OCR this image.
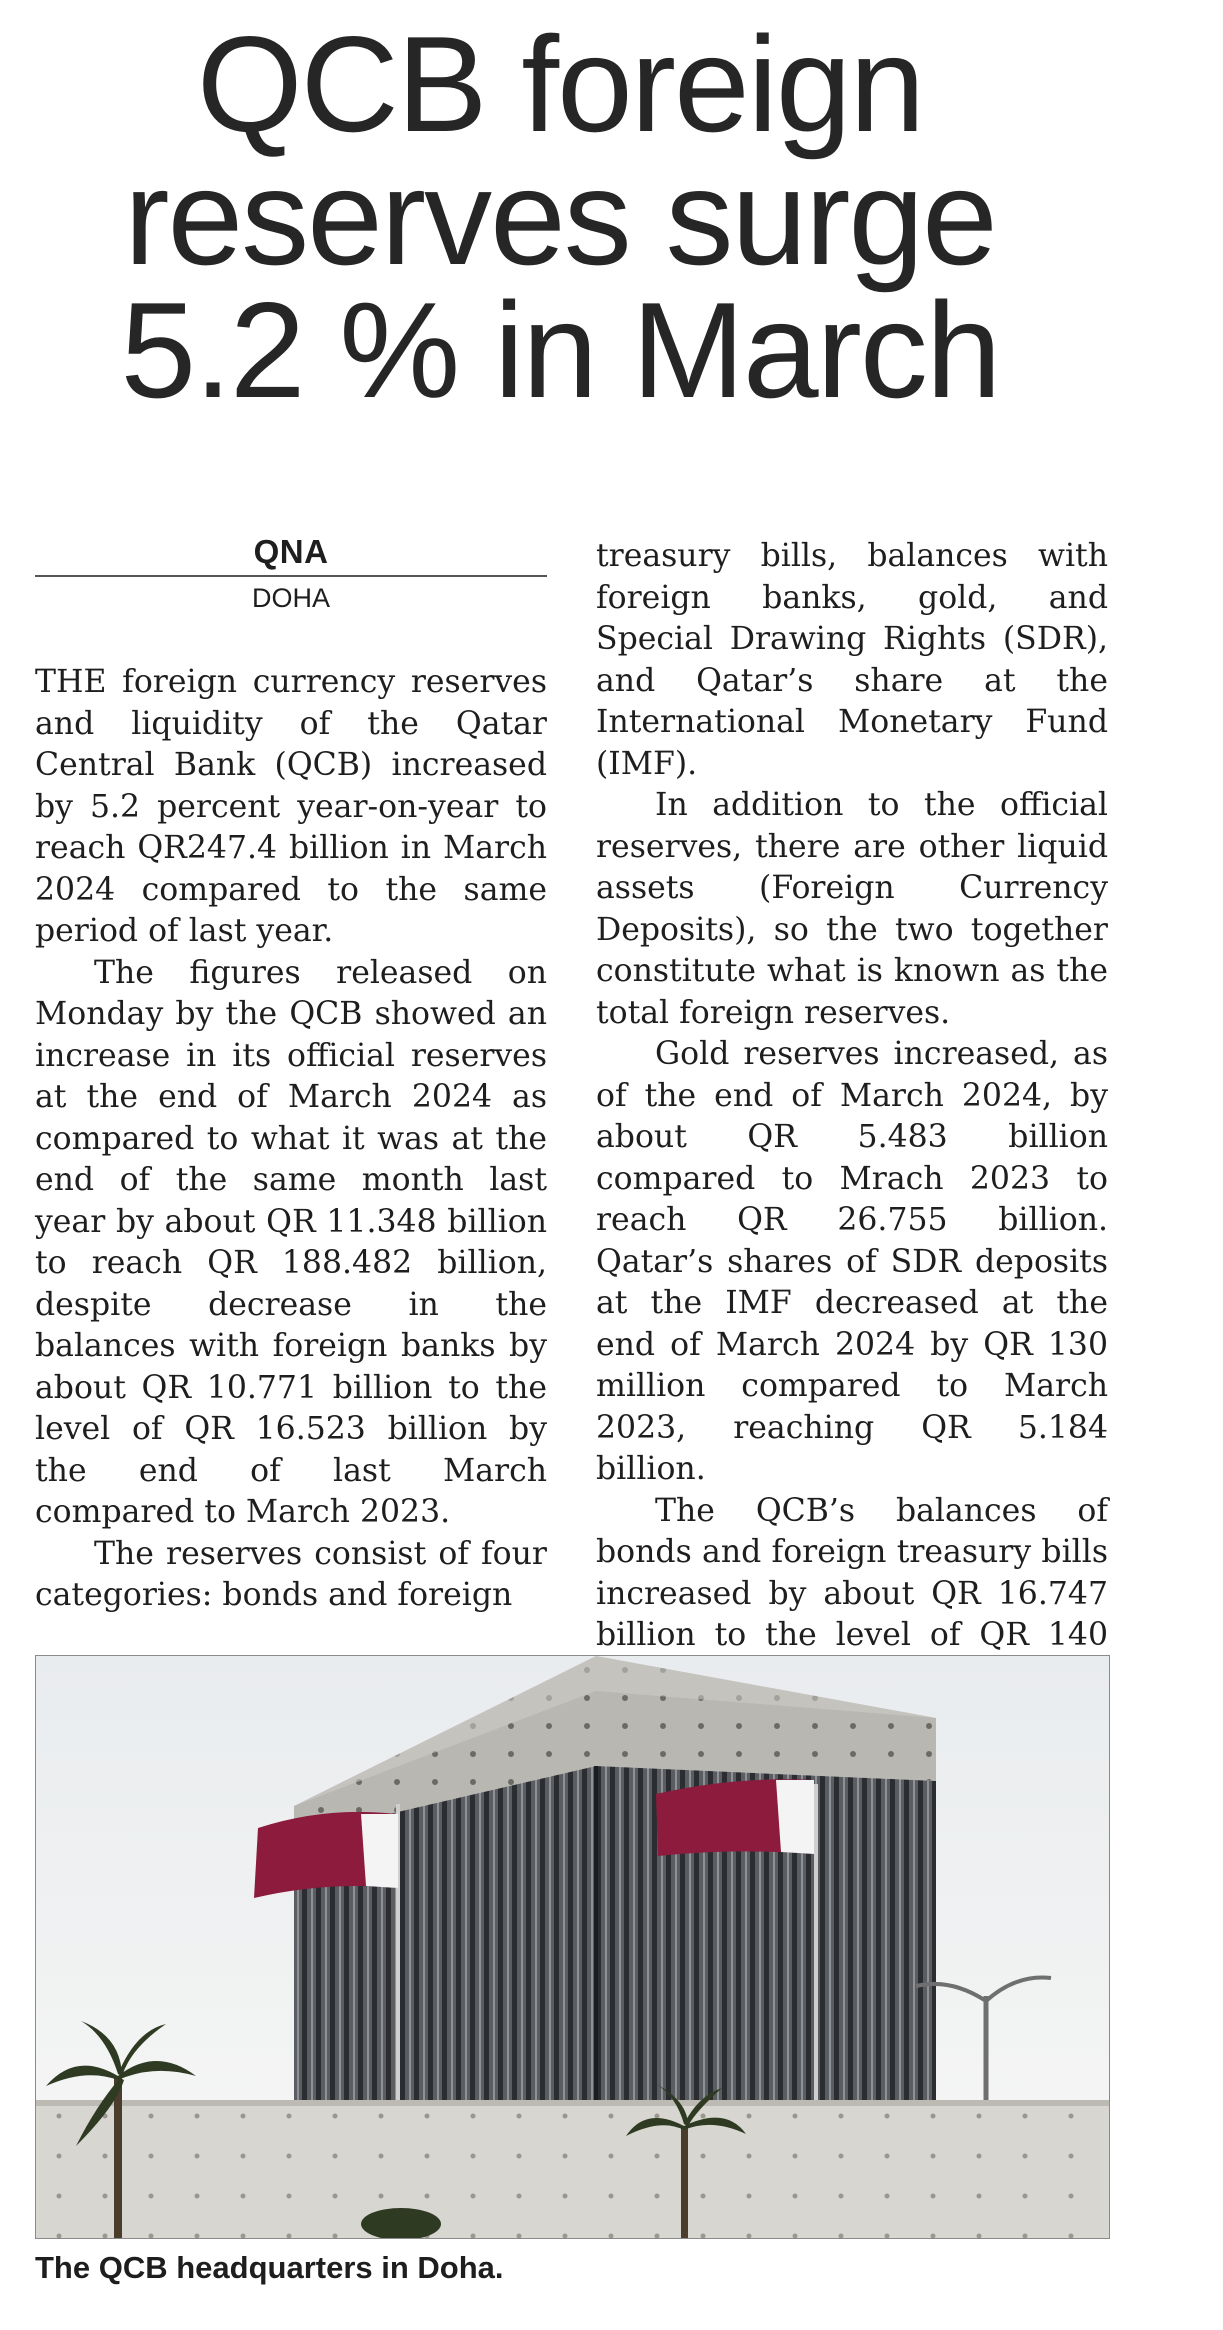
QCB foreign
reserves surge
5.2 % in March
QNA
DOHA

THE foreign currency reserves and liquidity of the Qatar Central Bank (QCB) increased by 5.2 percent year-on-year to reach QR247.4 billion in March 2024 compared to the same period of last year.

The figures released on Monday by the QCB showed an increase in its official reserves at the end of March 2024 as compared to what it was at the end of the same month last year by about QR 11.348 billion to reach QR 188.482 billion, despite decrease in the balances with foreign banks by about QR 10.771 billion to the level of QR 16.523 billion by the end of last March compared to March 2023.

The reserves consist of four categories: bonds and foreign

treasury bills, balances with foreign banks, gold, and Special Drawing Rights (SDR), and Qatar’s share at the International Monetary Fund (IMF).

In addition to the official reserves, there are other liquid assets (Foreign Currency Deposits), so the two together constitute what is known as the total foreign reserves.

Gold reserves increased, as of the end of March 2024, by about QR 5.483 billion compared to Mrach 2023 to reach QR 26.755 billion. Qatar’s shares of SDR deposits at the IMF decreased at the end of March 2024 by QR 130 million compared to March 2023, reaching QR 5.184 billion.

The QCB’s balances of bonds and foreign treasury bills increased by about QR 16.747 billion to the level of QR 140

The QCB headquarters in Doha.
